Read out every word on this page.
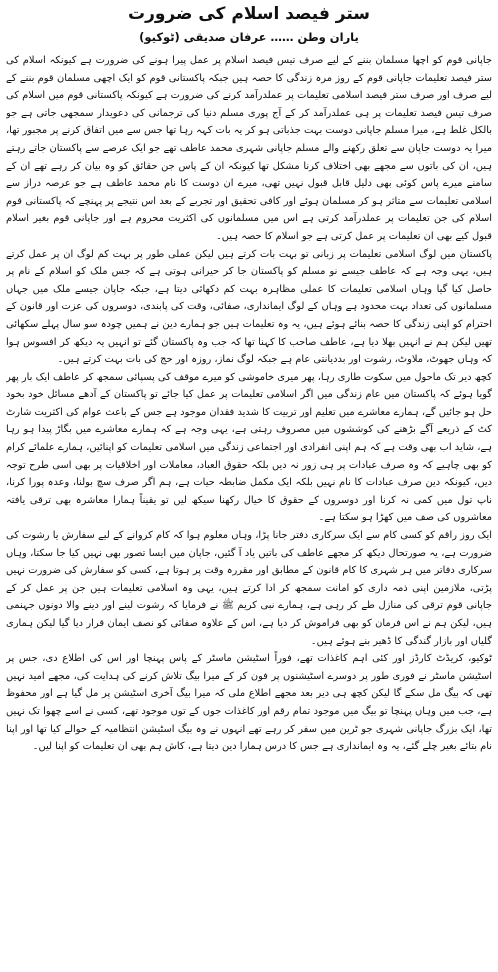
ستر فیصد اسلام کی ضرورت
یاران وطن …… عرفان صدیقی (ٹوکیو)

جاپانی قوم کو اچھا مسلمان بننے کے لیے صرف تیس فیصد اسلام پر عمل پیرا ہونے کی ضرورت ہے کیونکہ اسلام کی ستر فیصد تعلیمات جاپانی قوم کے روز مرہ زندگی کا حصہ ہیں جبکہ پاکستانی قوم کو ایک اچھی مسلمان قوم بننے کے لیے صرف اور صرف ستر فیصد اسلامی تعلیمات پر عملدرآمد کرنے کی ضرورت ہے کیونکہ پاکستانی قوم میں اسلام کی صرف تیس فیصد تعلیمات پر ہی عملدرآمد کر کے آج پوری مسلم دنیا کی ترجمانی کی دعویدار سمجھی جاتی ہے جو بالکل غلط ہے، میرا مسلم جاپانی دوست بہت جذباتی ہو کر یہ بات کہہ رہا تھا جس سے میں اتفاق کرنے پر مجبور تھا، میرا یہ دوست جاپان سے تعلق رکھنے والے مسلم جاپانی شہری محمد عاطف تھے جو ایک عرصے سے پاکستان جاتے رہتے ہیں، ان کی باتوں سے مجھے بھی اختلاف کرنا مشکل تھا کیونکہ ان کے پاس جن حقائق کو وہ بیان کر رہے تھے ان کے سامنے میرے پاس کوئی بھی دلیل قابل قبول نہیں تھی، میرے ان دوست کا نام محمد عاطف ہے جو عرصہ دراز سے اسلامی تعلیمات سے متاثر ہو کر مسلمان ہوئے اور کافی تحقیق اور تجربے کے بعد اس نتیجے پر پہنچے کہ پاکستانی قوم اسلام کی جن تعلیمات پر عملدرآمد کرتی ہے اس میں مسلمانوں کی اکثریت محروم ہے اور جاپانی قوم بغیر اسلام قبول کیے بھی ان تعلیمات پر عمل کرتی ہے جو اسلام کا حصہ ہیں۔

پاکستان میں لوگ اسلامی تعلیمات پر زبانی تو بہت بات کرتے ہیں لیکن عملی طور پر بہت کم لوگ ان پر عمل کرتے ہیں، یہی وجہ ہے کہ عاطف جیسے نو مسلم کو پاکستان جا کر حیرانی ہوتی ہے کہ جس ملک کو اسلام کے نام پر حاصل کیا گیا وہاں اسلامی تعلیمات کا عملی مظاہرہ بہت کم دکھائی دیتا ہے، جبکہ جاپان جیسے ملک میں جہاں مسلمانوں کی تعداد بہت محدود ہے وہاں کے لوگ ایمانداری، صفائی، وقت کی پابندی، دوسروں کی عزت اور قانون کے احترام کو اپنی زندگی کا حصہ بنائے ہوئے ہیں، یہ وہ تعلیمات ہیں جو ہمارے دین نے ہمیں چودہ سو سال پہلے سکھائی تھیں لیکن ہم نے انہیں بھلا دیا ہے، عاطف صاحب کا کہنا تھا کہ جب وہ پاکستان گئے تو انہیں یہ دیکھ کر افسوس ہوا کہ وہاں جھوٹ، ملاوٹ، رشوت اور بددیانتی عام ہے جبکہ لوگ نماز، روزہ اور حج کی بات بہت کرتے ہیں۔

کچھ دیر تک ماحول میں سکوت طاری رہا، پھر میری خاموشی کو میرے موقف کی پسپائی سمجھ کر عاطف ایک بار پھر گویا ہوئے کہ پاکستان میں عام زندگی میں اگر اسلامی تعلیمات پر عمل کیا جائے تو پاکستان کے آدھے مسائل خود بخود حل ہو جائیں گے، ہمارے معاشرے میں تعلیم اور تربیت کا شدید فقدان موجود ہے جس کے باعث عوام کی اکثریت شارٹ کٹ کے ذریعے آگے بڑھنے کی کوششوں میں مصروف رہتی ہے، یہی وجہ ہے کہ ہمارے معاشرے میں بگاڑ پیدا ہو رہا ہے، شاید اب بھی وقت ہے کہ ہم اپنی انفرادی اور اجتماعی زندگی میں اسلامی تعلیمات کو اپنائیں، ہمارے علمائے کرام کو بھی چاہیے کہ وہ صرف عبادات پر ہی زور نہ دیں بلکہ حقوق العباد، معاملات اور اخلاقیات پر بھی اسی طرح توجہ دیں، کیونکہ دین صرف عبادات کا نام نہیں بلکہ ایک مکمل ضابطہ حیات ہے، ہم اگر صرف سچ بولنا، وعدہ پورا کرنا، ناپ تول میں کمی نہ کرنا اور دوسروں کے حقوق کا خیال رکھنا سیکھ لیں تو یقیناً ہمارا معاشرہ بھی ترقی یافتہ معاشروں کی صف میں کھڑا ہو سکتا ہے۔

ایک روز راقم کو کسی کام سے ایک سرکاری دفتر جانا پڑا، وہاں معلوم ہوا کہ کام کروانے کے لیے سفارش یا رشوت کی ضرورت ہے، یہ صورتحال دیکھ کر مجھے عاطف کی باتیں یاد آ گئیں، جاپان میں ایسا تصور بھی نہیں کیا جا سکتا، وہاں سرکاری دفاتر میں ہر شہری کا کام قانون کے مطابق اور مقررہ وقت پر ہوتا ہے، کسی کو سفارش کی ضرورت نہیں پڑتی، ملازمین اپنی ذمہ داری کو امانت سمجھ کر ادا کرتے ہیں، یہی وہ اسلامی تعلیمات ہیں جن پر عمل کر کے جاپانی قوم ترقی کی منازل طے کر رہی ہے، ہمارے نبی کریم ﷺ نے فرمایا کہ رشوت لینے اور دینے والا دونوں جہنمی ہیں، لیکن ہم نے اس فرمان کو بھی فراموش کر دیا ہے، اس کے علاوہ صفائی کو نصف ایمان قرار دیا گیا لیکن ہماری گلیاں اور بازار گندگی کا ڈھیر بنے ہوئے ہیں۔

ٹوکیو، کریڈٹ کارڈز اور کئی اہم کاغذات تھے، فوراً اسٹیشن ماسٹر کے پاس پہنچا اور اس کی اطلاع دی، جس پر اسٹیشن ماسٹر نے فوری طور پر دوسرے اسٹیشنوں پر فون کر کے میرا بیگ تلاش کرنے کی ہدایت کی، مجھے امید نہیں تھی کہ بیگ مل سکے گا لیکن کچھ ہی دیر بعد مجھے اطلاع ملی کہ میرا بیگ آخری اسٹیشن پر مل گیا ہے اور محفوظ ہے، جب میں وہاں پہنچا تو بیگ میں موجود تمام رقم اور کاغذات جوں کے توں موجود تھے، کسی نے اسے چھوا تک نہیں تھا، ایک بزرگ جاپانی شہری جو ٹرین میں سفر کر رہے تھے انہوں نے وہ بیگ اسٹیشن انتظامیہ کے حوالے کیا تھا اور اپنا نام بتائے بغیر چلے گئے، یہ وہ ایمانداری ہے جس کا درس ہمارا دین دیتا ہے، کاش ہم بھی ان تعلیمات کو اپنا لیں۔
